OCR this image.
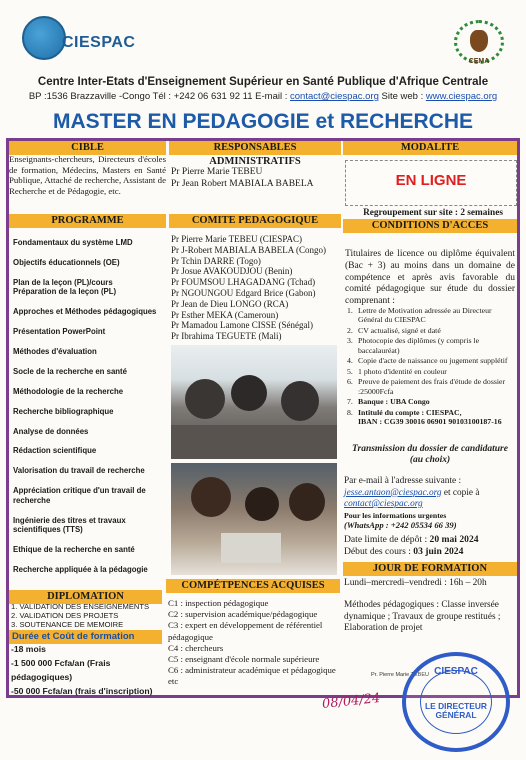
CIESPAC
CEMA
Centre Inter-Etats d'Enseignement Supérieur en Santé Publique d'Afrique Centrale
BP :1536 Brazzaville -Congo Tél : +242 06 631 92 11 E-mail : contact@ciespac.org Site web : www.ciespac.org
MASTER EN PEDAGOGIE et RECHERCHE
CIBLE	RESPONSABLES ADMINISTRATIFS
MODALITE
Enseignants-chercheurs, Directeurs d'écoles de formation, Médecins, Masters en Santé Publique, Attaché de recherche, Assistant de Recherche et de Pédagogie, etc.
Pr Pierre Marie TEBEU
Pr Jean Robert MABIALA BABELA	EN LIGNE
Regroupement sur site : 2 semaines
PROGRAMME	COMITE PEDAGOGIQUE	CONDITIONS D'ACCES
Fondamentaux du système LMD
Objectifs éducationnels (OE)
Plan de la leçon (PL)/cours
Préparation de la leçon (PL)
Approches et Méthodes pédagogiques
Présentation PowerPoint
Méthodes d'évaluation
Socle de la recherche en santé
Méthodologie de la recherche
Recherche bibliographique
Analyse de données
Rédaction scientifique
Valorisation du travail de recherche
Appréciation critique d'un travail de recherche
Ingénierie des titres et travaux scientifiques (TTS)
Ethique de la recherche en santé
Recherche appliquée à la pédagogie
Pr Pierre Marie TEBEU (CIESPAC)
Pr J-Robert MABIALA BABELA (Congo)
Pr Tchin DARRE (Togo)
Pr Josue AVAKOUDJOU (Benin)
Pr FOUMSOU LHAGADANG (Tchad)
Pr NGOUNGOU Edgard Brice (Gabon)
Pr Jean de Dieu LONGO (RCA)
Pr Esther MEKA (Cameroun)
Pr Mamadou Lamone CISSE (Sénégal)
Pr Ibrahima TEGUETE (Mali)
Titulaires de licence ou diplôme équivalent (Bac + 3) au moins dans un domaine de compétence et après avis favorable du comité pédagogique sur étude du dossier comprenant :
1. Lettre de Motivation adressée au Directeur Général du CIESPAC
2. CV actualisé, signé et daté
3. Photocopie des diplômes (y compris le baccalauréat)
4. Copie d'acte de naissance ou jugement supplétif
5. 1 photo d'identité en couleur
6. Preuve de paiement des frais d'étude de dossier :25000Fcfa
7. Banque : UBA Congo
8. Intitulé du compte : CIESPAC,
IBAN : CG39 30016 06901 90103100187-16
Transmission du dossier de candidature (au choix)
Par e-mail à l'adresse suivante :
jesse.antaon@ciespac.org et copie à
contact@ciespac.org
Pour les informations urgentes
(WhatsApp : +242 05534 66 39)
Date limite de dépôt : 20 mai 2024
Début des cours : 03 juin 2024
DIPLOMATION
1. VALIDATION DES ENSEIGNEMENTS
2. VALIDATION DES PROJETS
3. SOUTENANCE DE MEMOIRE
Durée et Coût de formation
-18 mois
-1 500 000 Fcfa/an (Frais pédagogiques)
-50 000 Fcfa/an (frais d'inscription)
COMPÉTPENCES ACQUISES
C1 : inspection pédagogique
C2 : supervision académique/pédagogique
C3 : expert en développement de référentiel pédagogique
C4 : chercheurs
C5 : enseignant d'école normale supérieure
C6 : administrateur académique et pédagogique etc
JOUR DE FORMATION
Lundi–mercredi–vendredi : 16h – 20h
Méthodes pédagogiques : Classe inversée dynamique ; Travaux de groupe restitués ; Elaboration de projet
Pr. Pierre Marie TEBEU
08/04/24
CIESPAC
LE DIRECTEUR
GÉNÉRAL
